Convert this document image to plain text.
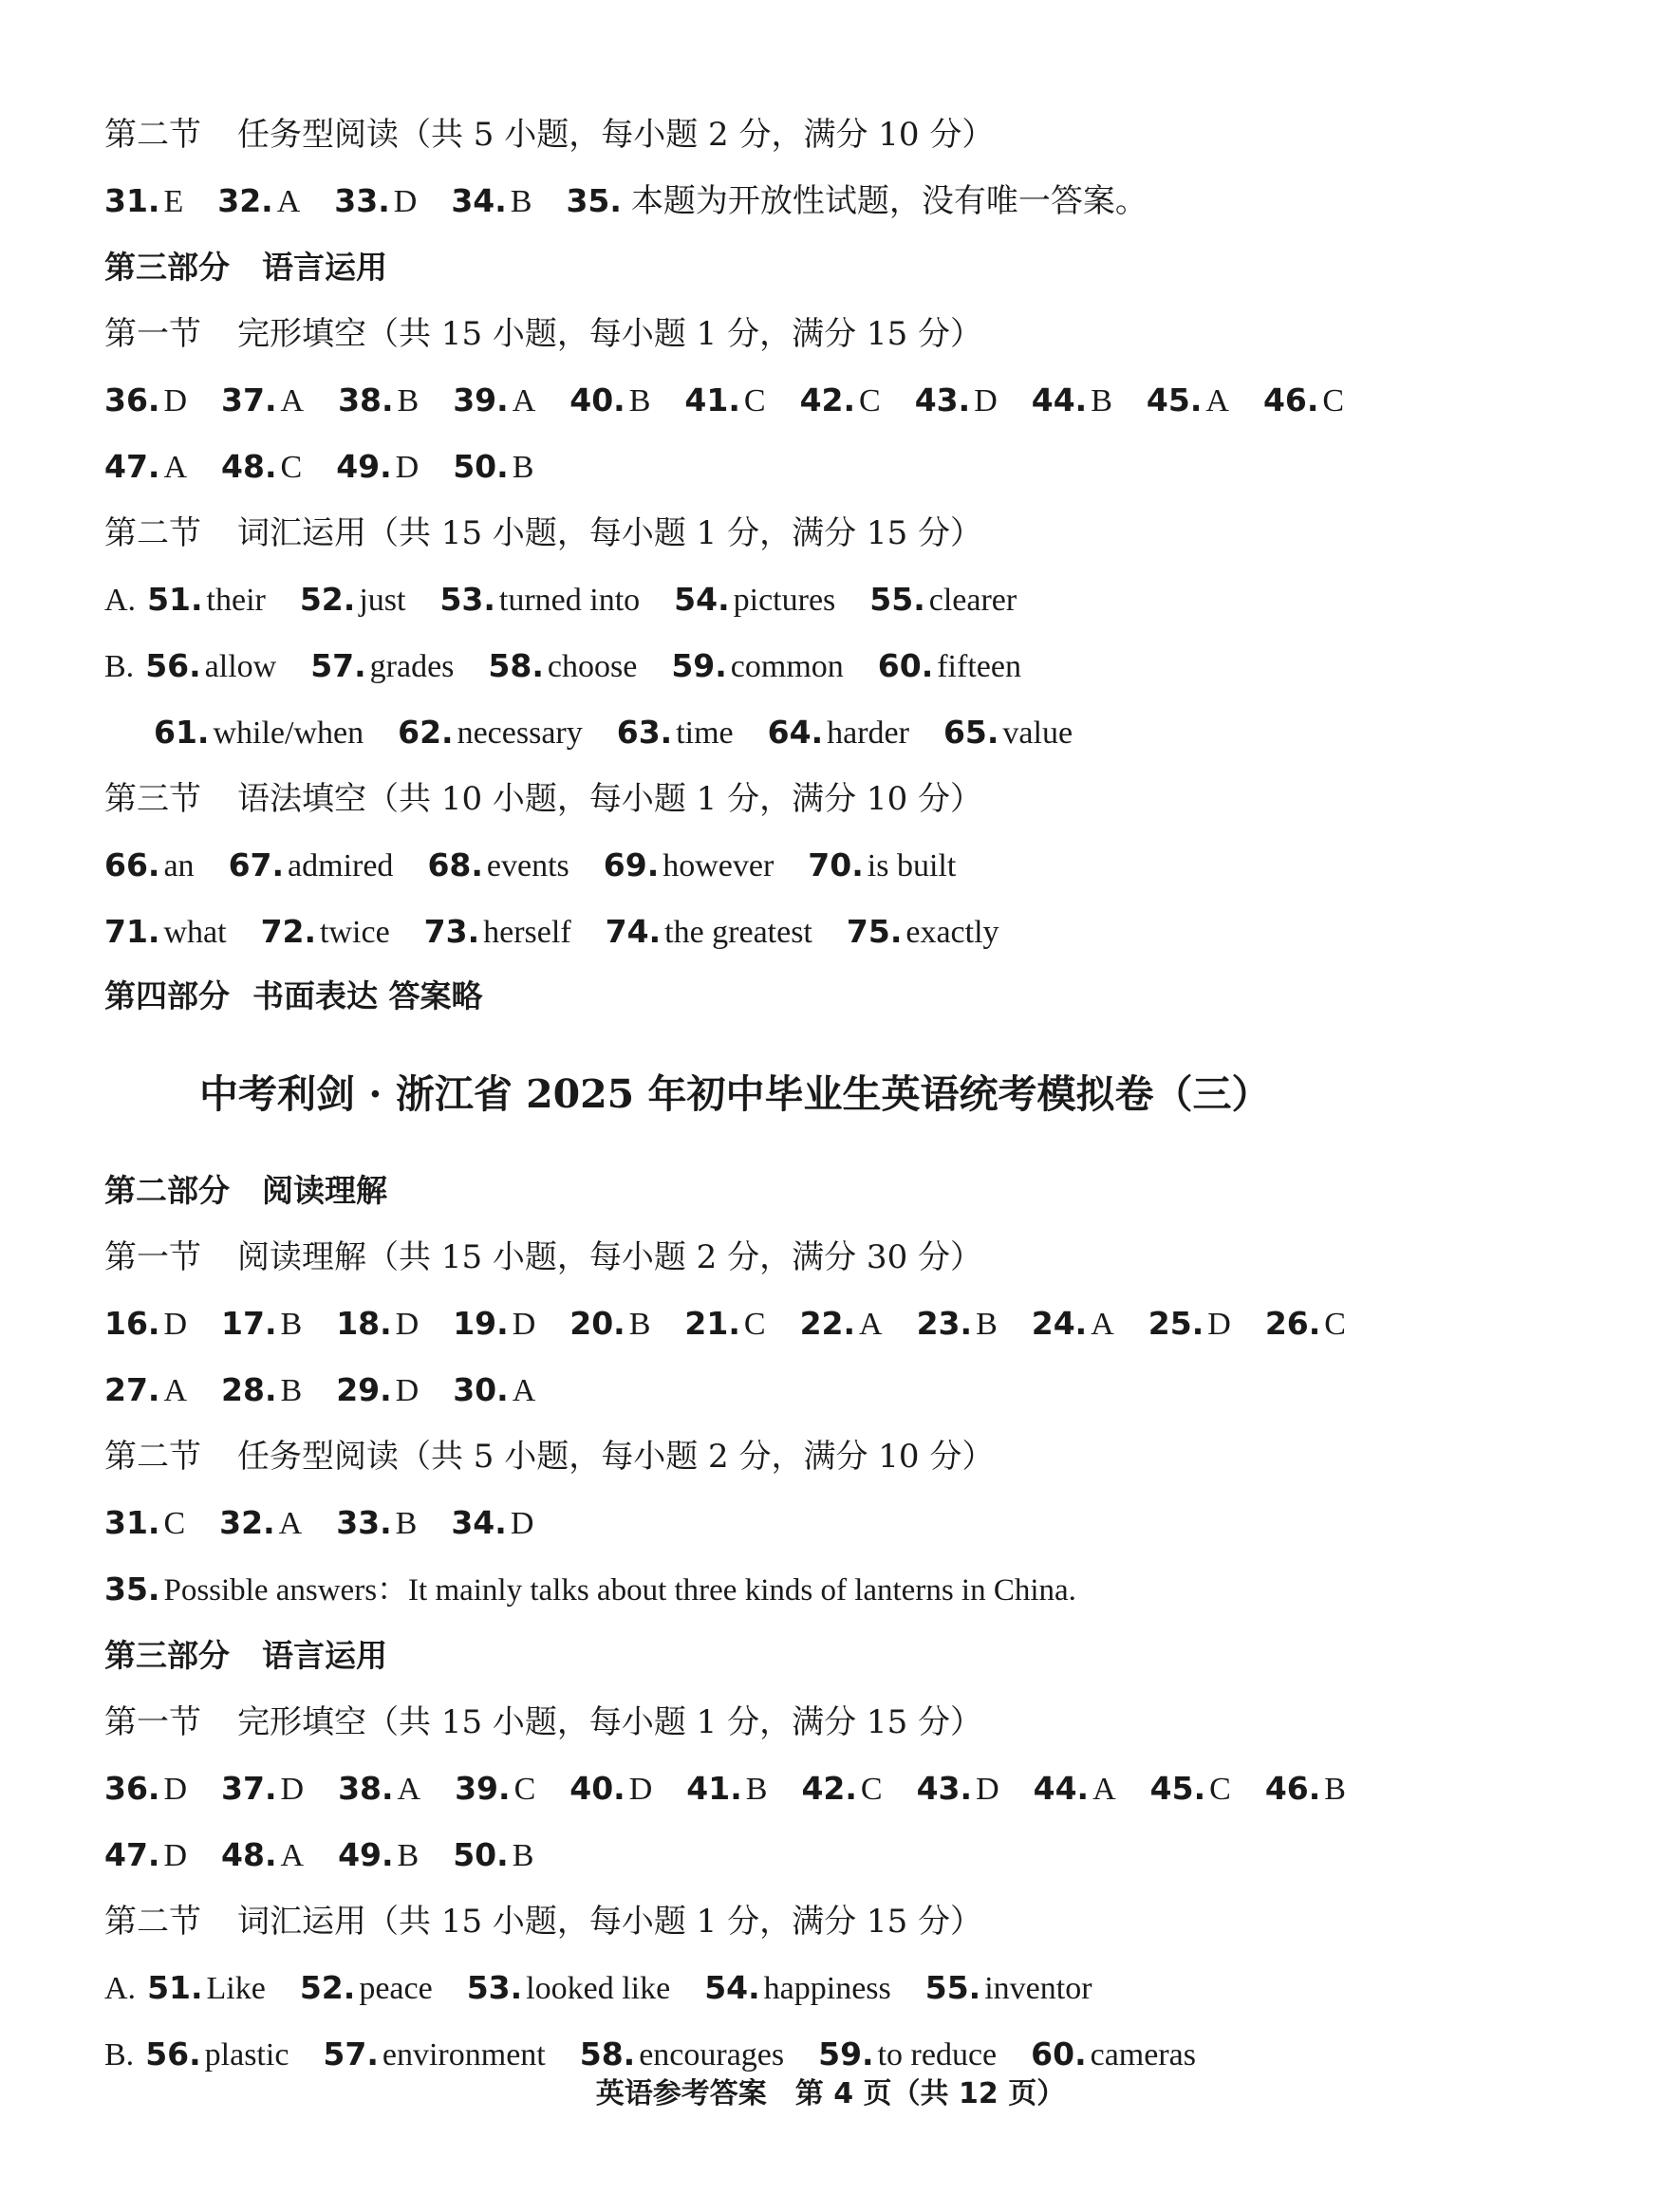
第二节 任务型阅读（共 5 小题，每小题 2 分，满分 10 分）
31. E 32. A 33. D 34. B 35. 本题为开放性试题，没有唯一答案。
第三部分 语言运用
第一节 完形填空（共 15 小题，每小题 1 分，满分 15 分）
36. D 37. A 38. B 39. A 40. B 41. C 42. C 43. D 44. B 45. A 46. C
47. A 48. C 49. D 50. B
第二节 词汇运用（共 15 小题，每小题 1 分，满分 15 分）
A. 51. their 52. just 53. turned into 54. pictures 55. clearer
B. 56. allow 57. grades 58. choose 59. common 60. fifteen
61. while/when 62. necessary 63. time 64. harder 65. value
第三节 语法填空（共 10 小题，每小题 1 分，满分 10 分）
66. an 67. admired 68. events 69. however 70. is built
71. what 72. twice 73. herself 74. the greatest 75. exactly
第四部分 书面表达 答案略
中考利剑 · 浙江省 2025 年初中毕业生英语统考模拟卷（三）
第二部分 阅读理解
第一节 阅读理解（共 15 小题，每小题 2 分，满分 30 分）
16. D 17. B 18. D 19. D 20. B 21. C 22. A 23. B 24. A 25. D 26. C
27. A 28. B 29. D 30. A
第二节 任务型阅读（共 5 小题，每小题 2 分，满分 10 分）
31. C 32. A 33. B 34. D
35. Possible answers：It mainly talks about three kinds of lanterns in China.
第三部分 语言运用
第一节 完形填空（共 15 小题，每小题 1 分，满分 15 分）
36. D 37. D 38. A 39. C 40. D 41. B 42. C 43. D 44. A 45. C 46. B
47. D 48. A 49. B 50. B
第二节 词汇运用（共 15 小题，每小题 1 分，满分 15 分）
A. 51. Like 52. peace 53. looked like 54. happiness 55. inventor
B. 56. plastic 57. environment 58. encourages 59. to reduce 60. cameras
英语参考答案　第 4 页（共 12 页）
